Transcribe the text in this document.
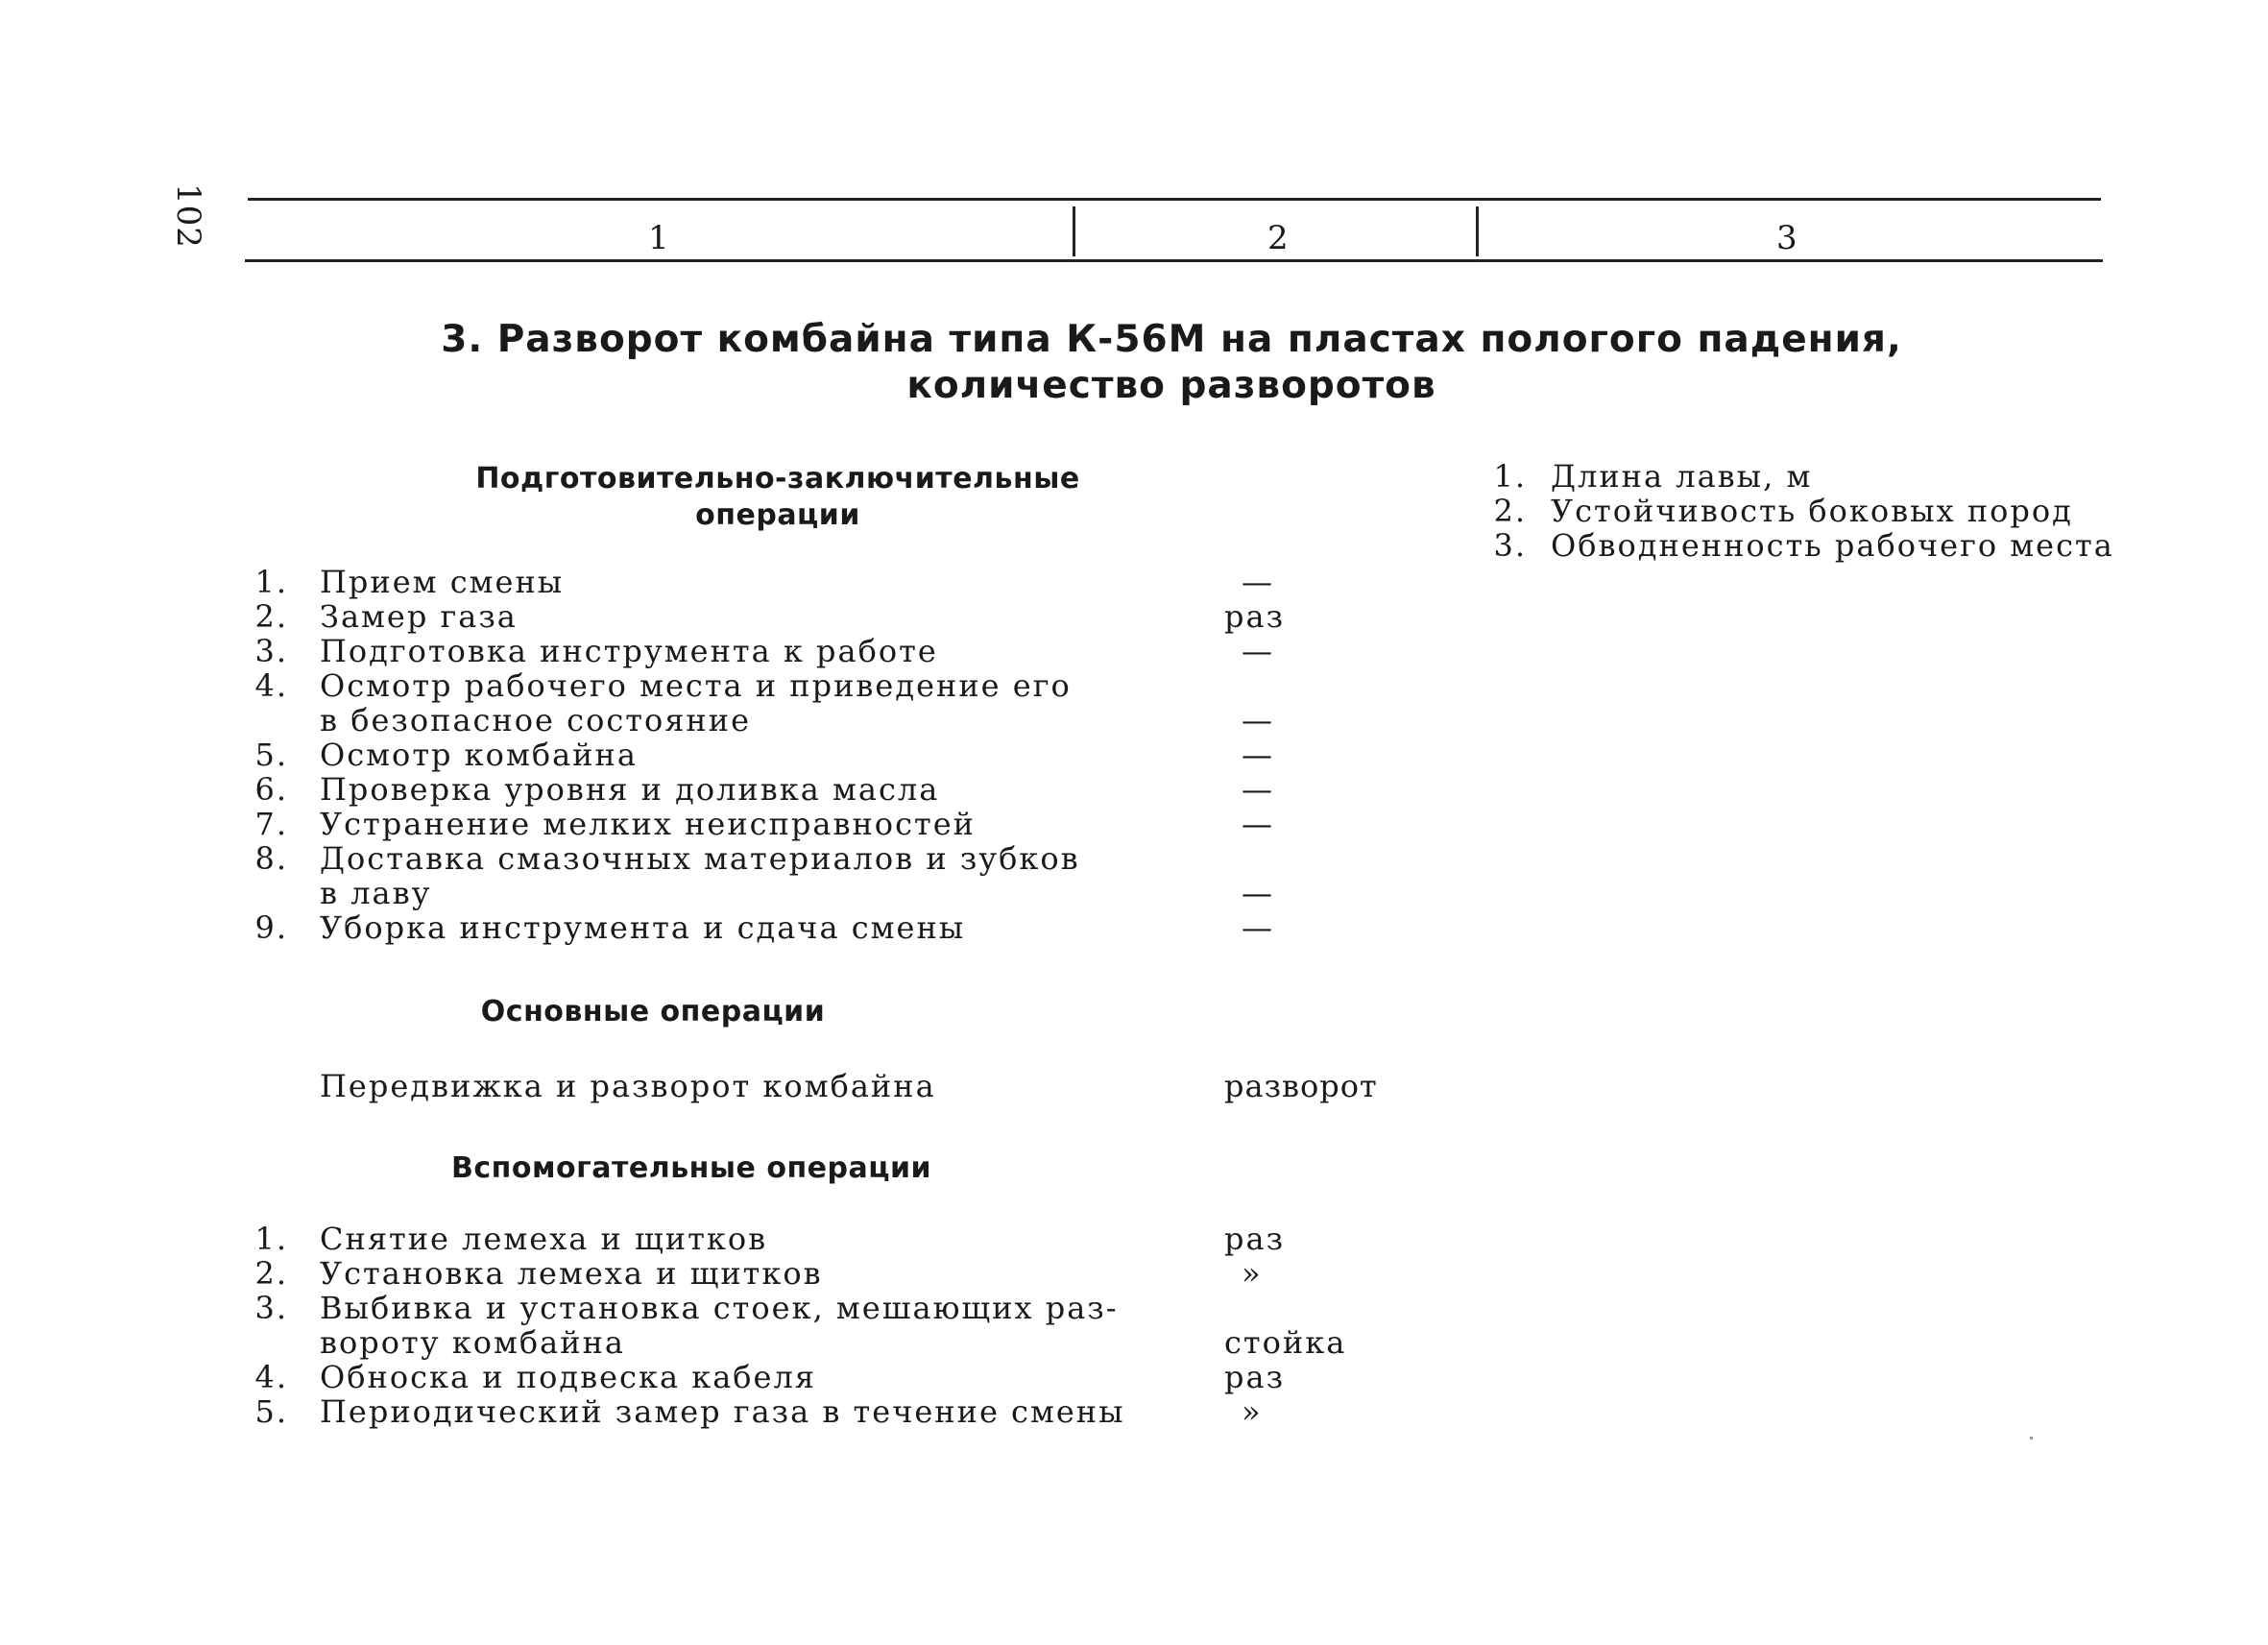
102	1	2	3
3. Разворот комбайна типа К-56М на пластах пологого падения,
количество разворотов
1. Длина лавы, м
2. Устойчивость боковых пород
3. Обводненность рабочего места
Подготовительно-заключительные
операции
1. Прием смены	—
2. Замер газа	раз
3. Подготовка инструмента к работе	—
4. Осмотр рабочего места и приведение его
в безопасное состояние	—
5. Осмотр комбайна	—
6. Проверка уровня и доливка масла	—
7. Устранение мелких неисправностей	—
8. Доставка смазочных материалов и зубков
в лаву	—
9. Уборка инструмента и сдача смены	—
Основные операции
Передвижка и разворот комбайна	разворот
Вспомогательные операции
1. Снятие лемеха и щитков	раз
2. Установка лемеха и щитков	»
3. Выбивка и установка стоек, мешающих раз-
вороту комбайна	стойка
4. Обноска и подвеска кабеля	раз
5. Периодический замер газа в течение смены	»
